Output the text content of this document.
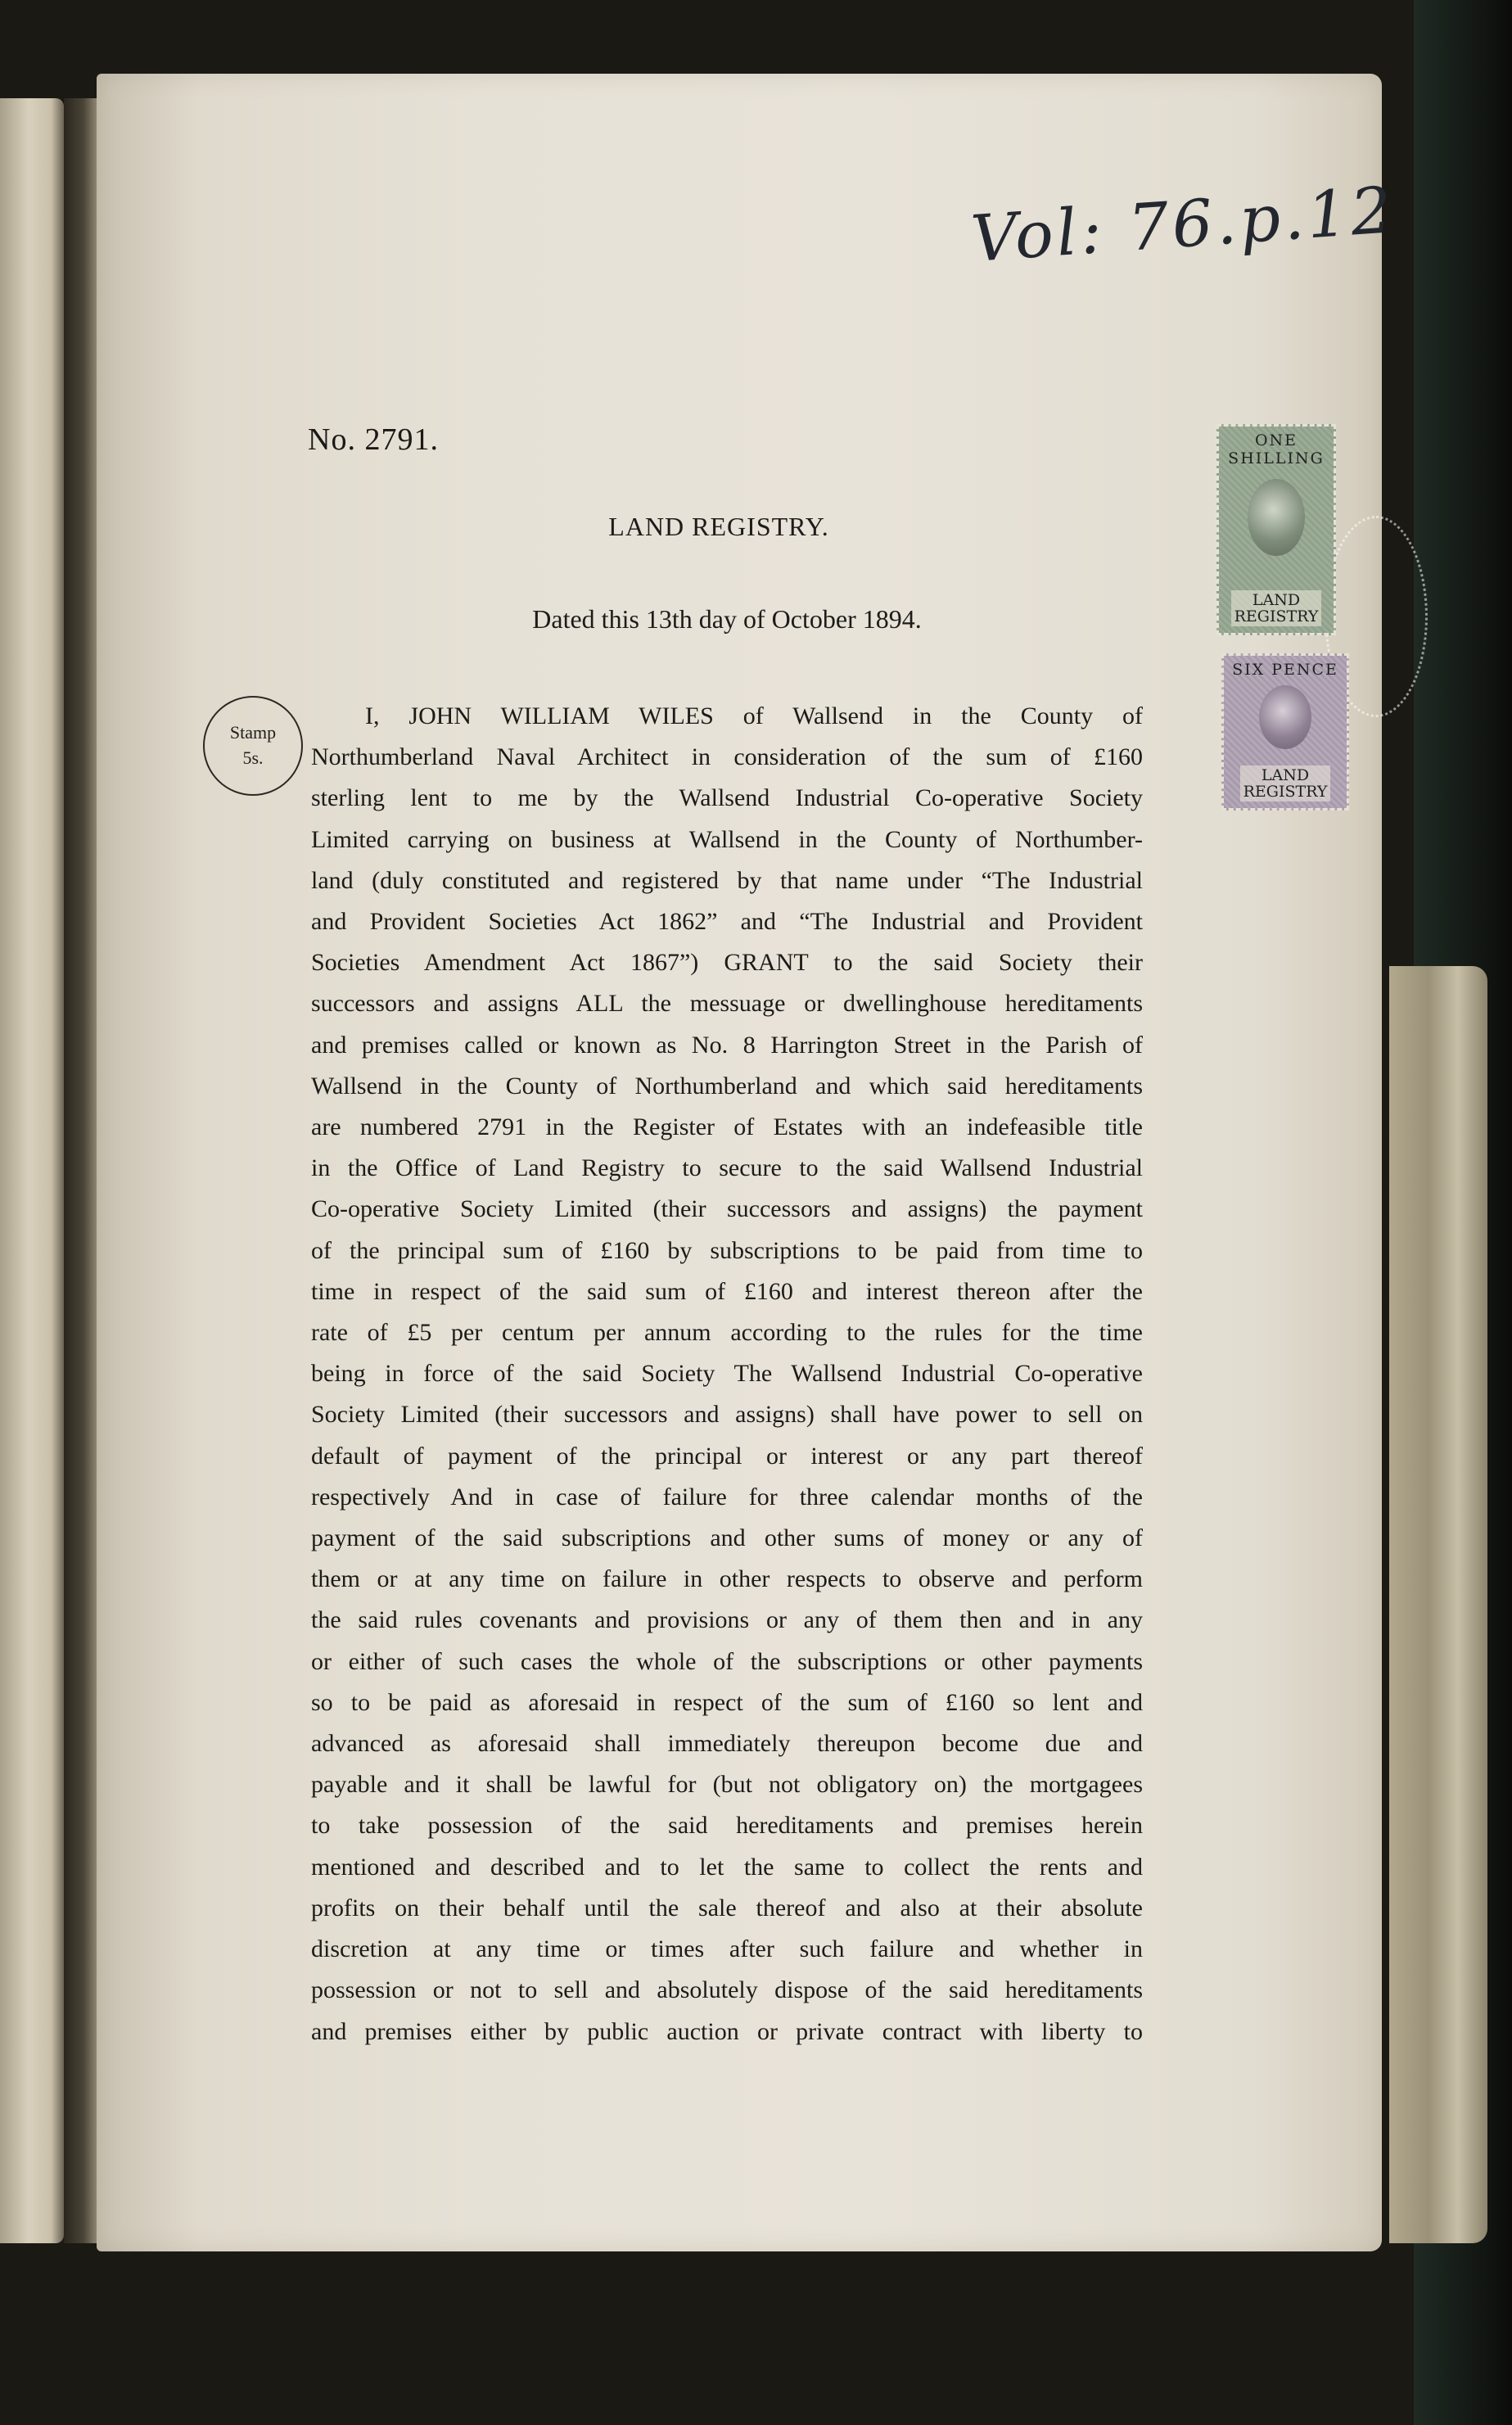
Vol: 76.p.12
No. 2791.
LAND REGISTRY.
Dated this 13th day of October 1894.
Stamp
5s.
ONE SHILLING
LAND
REGISTRY
SIX PENCE
LAND
REGISTRY
I, JOHN WILLIAM WILES of Wallsend in the County of
Northumberland Naval Architect in consideration of the sum of £160
sterling lent to me by the Wallsend Industrial Co-operative Society
Limited carrying on business at Wallsend in the County of Northumber-
land (duly constituted and registered by that name under “The Industrial
and Provident Societies Act 1862” and “The Industrial and Provident
Societies Amendment Act 1867”) GRANT to the said Society their
successors and assigns ALL the messuage or dwellinghouse hereditaments
and premises called or known as No. 8 Harrington Street in the Parish of
Wallsend in the County of Northumberland and which said hereditaments
are numbered 2791 in the Register of Estates with an indefeasible title
in the Office of Land Registry to secure to the said Wallsend Industrial
Co-operative Society Limited (their successors and assigns) the payment
of the principal sum of £160 by subscriptions to be paid from time to
time in respect of the said sum of £160 and interest thereon after the
rate of £5 per centum per annum according to the rules for the time
being in force of the said Society The Wallsend Industrial Co-operative
Society Limited (their successors and assigns) shall have power to sell on
default of payment of the principal or interest or any part thereof
respectively And in case of failure for three calendar months of the
payment of the said subscriptions and other sums of money or any of
them or at any time on failure in other respects to observe and perform
the said rules covenants and provisions or any of them then and in any
or either of such cases the whole of the subscriptions or other payments
so to be paid as aforesaid in respect of the sum of £160 so lent and
advanced as aforesaid shall immediately thereupon become due and
payable and it shall be lawful for (but not obligatory on) the mortgagees
to take possession of the said hereditaments and premises herein
mentioned and described and to let the same to collect the rents and
profits on their behalf until the sale thereof and also at their absolute
discretion at any time or times after such failure and whether in
possession or not to sell and absolutely dispose of the said hereditaments
and premises either by public auction or private contract with liberty to
